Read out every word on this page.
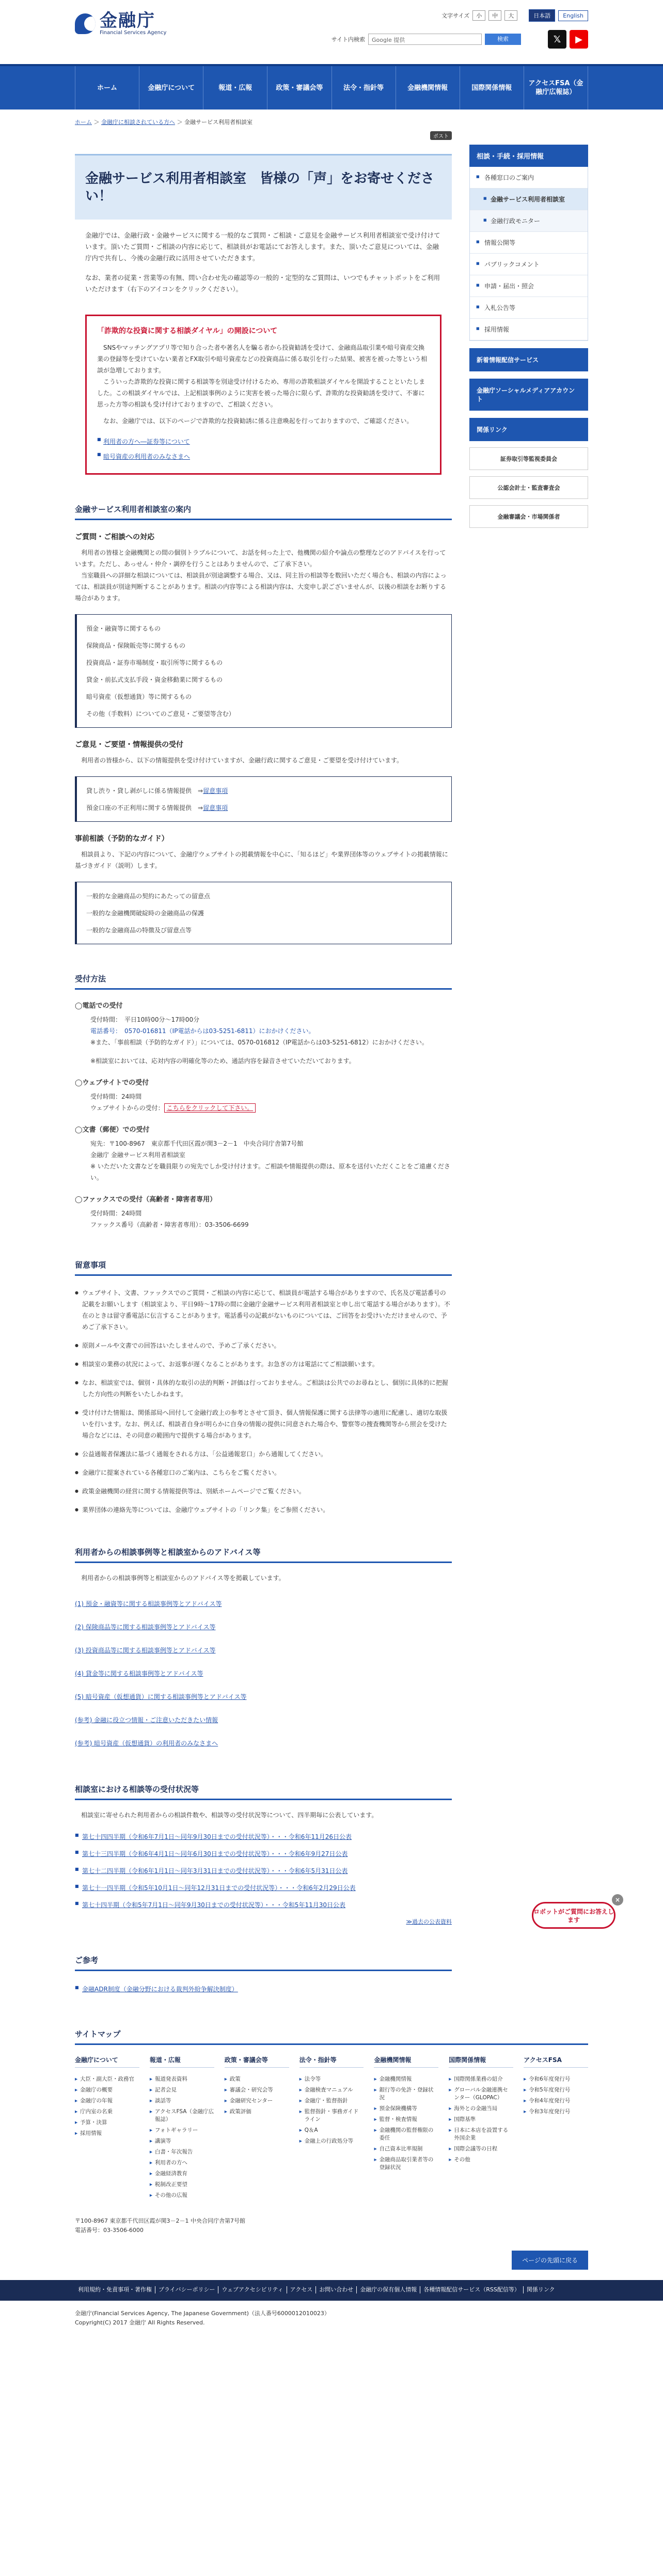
金融庁
Financial Services Agency
文字サイズ	小	中	大	日本語	English
サイト内検索	Google 提供	検索	𝕏	▶
ホーム	金融庁について	報道・広報	政策・審議会等	法令・指針等	金融機関情報	国際関係情報
アクセスFSA（金融庁広報誌）
ホーム ＞ 金融庁に相談されている方へ ＞ 金融サービス利用者相談室
ポスト
金融サービス利用者相談室　皆様の「声」をお寄せください！

金融庁では、金融行政・金融サービスに関する一般的なご質問・ご相談・ご意見を金融サービス利用者相談室で受け付けています。頂いたご質問・ご相談の内容に応じて、相談員がお電話にてお答えします。また、頂いたご意見については、金融庁内で共有し、今後の金融行政に活用させていただきます。

なお、業者の従業・営業等の有無、問い合わせ先の確認等の一般的・定型的なご質問は、いつでもチャットボットをご利用いただけます（右下のアイコンをクリックください）。

「詐欺的な投資に関する相談ダイヤル」の開設について

SNSやマッチングアプリ等で知り合った者や著名人を騙る者から投資勧誘を受けて、金融商品取引業や暗号資産交換業の登録等を受けていない業者とFX取引や暗号資産などの投資商品に係る取引を行った結果、被害を被った等という相談が急増しております。

こういった詐欺的な投資に関する相談等を別途受け付けるため、専用の詐欺相談ダイヤルを開設することといたしました。この相談ダイヤルでは、上記相談事例のように実害を被った場合に限らず、詐欺的な投資勧誘を受けて、不審に思った方等の相談も受け付けておりますので、ご相談ください。

なお、金融庁では、以下のページで詐欺的な投資勧誘に係る注意喚起を行っておりますので、ご確認ください。

■ 利用者の方へ―証券等について
■ 暗号資産の利用者のみなさまへ
金融サービス利用者相談室の案内
ご質問・ご相談への対応

利用者の皆様と金融機関との間の個別トラブルについて、お話を伺った上で、他機関の紹介や論点の整理などのアドバイスを行っています。ただし、あっせん・仲介・調停を行うことはありませんので、ご了承下さい。

当室職員への詳細な相談については、相談員が別途調整する場合、又は、同主旨の相談等を数回いただく場合も、相談の内容によっては、相談員が別途判断することがあります。相談の内容等による相談内容は、大変申し訳ございませんが、以後の相談をお断りする場合があります。

預金・融資等に関するもの
保険商品・保険販売等に関するもの
投資商品・証券市場制度・取引所等に関するもの
貸金・前払式支払手段・資金移動業に関するもの
暗号資産（仮想通貨）等に関するもの
その他（手数料）についてのご意見・ご要望等含む）
ご意見・ご要望・情報提供の受付

利用者の皆様から、以下の情報提供を受け付けていますが、金融行政に関するご意見・ご要望を受け付けています。

貸し渋り・貸し剥がしに係る情報提供　⇒留意事項
預金口座の不正利用に関する情報提供　⇒留意事項
事前相談（予防的なガイド）

相談員より、下記の内容について、金融庁ウェブサイトの掲載情報を中心に、「知るほど」や業界団体等のウェブサイトの掲載情報に基づきガイド（説明）します。

一般的な金融商品の契約にあたっての留意点
一般的な金融機関破綻時の金融商品の保護
一般的な金融商品の特徴及び留意点等
受付方法
◯電話での受付

受付時間：　平日10時00分～17時00分

電話番号：　0570-016811（IP電話からは03-5251-6811）におかけください。

※また、「事前相談（予防的なガイド）」については、0570-016812（IP電話からは03-5251-6812）におかけください。

※相談室においては、応対内容の明確化等のため、通話内容を録音させていただいております。

◯ウェブサイトでの受付

受付時間：24時間

ウェブサイトからの受付： こちらをクリックして下さい。

◯文書（郵便）での受付

宛先：〒100-8967　東京都千代田区霞が関3－2－1　中央合同庁舎第7号館

金融庁 金融サービス利用者相談室

※ いただいた文書などを職員限りの宛先でしか受け付けます。ご相談や情報提供の際は、原本を送付いただくことをご遠慮ください。

◯ファックスでの受付（高齢者・障害者専用）

受付時間：24時間

ファックス番号（高齢者・障害者専用）：03-3506-6699

留意事項
● ウェブサイト、文書、ファックスでのご質問・ご相談の内容に応じて、相談員が電話する場合がありますので、氏名及び電話番号の記載をお願いします（相談室より、平日9時～17時の間に金融庁金融サービス利用者相談室と申し出て電話する場合があります）。不在のときは留守番電話に伝言することがあります。電話番号の記載がないものについては、ご回答をお受けいただけませんので、予めご了承下さい。
● 原則メールや文書での回答はいたしませんので、予めご了承ください。
● 相談室の業務の状況によって、お返事が遅くなることがあります。お急ぎの方は電話にてご相談願います。
● なお、相談室では、個別・具体的な取引の法的判断・評価は行っておりません。ご相談は公共でのお尋ねとし、個別に具体的に把握した方向性の判断をいたしかねます。
● 受け付けた情報は、関係部局へ回付して金融行政上の参考とさせて頂き、個人情報保護に関する法律等の適用に配慮し、適切な取扱いを行います。なお、例えば、相談者自身が明らかに自身の情報の提供に同意された場合や、警察等の捜査機関等から照会を受けた場合などには、その同意の範囲内で提供する場合があります。
● 公益通報者保護法に基づく通報をされる方は、「公益通報窓口」から通報してください。
● 金融庁に提案されている各種窓口のご案内は、こちらをご覧ください。
● 政策金融機関の経営に関する情報提供等は、別紙ホームページでご覧ください。
● 業界団体の連絡先等については、金融庁ウェブサイトの「リンク集」をご参照ください。
利用者からの相談事例等と相談室からのアドバイス等

利用者からの相談事例等と相談室からのアドバイス等を掲載しています。

(1) 預金・融資等に関する相談事例等とアドバイス等
(2) 保険商品等に関する相談事例等とアドバイス等
(3) 投資商品等に関する相談事例等とアドバイス等
(4) 貸金等に関する相談事例等とアドバイス等
(5) 暗号資産（仮想通貨）に関する相談事例等とアドバイス等
(参考) 金融に役立つ情報・ご注意いただきたい情報
(参考) 暗号資産（仮想通貨）の利用者のみなさまへ
相談室における相談等の受付状況等

相談室に寄せられた利用者からの相談件数や、相談等の受付状況等について、四半期毎に公表しています。

■ 第七十四四半期（令和6年7月1日～同年9月30日までの受付状況等）・・・令和6年11月26日公表
■ 第七十三四半期（令和6年4月1日～同年6月30日までの受付状況等）・・・令和6年9月27日公表
■ 第七十二四半期（令和6年1月1日～同年3月31日までの受付状況等）・・・令和6年5月31日公表
■ 第七十一四半期（令和5年10月1日～同年12月31日までの受付状況等）・・・令和6年2月29日公表
■ 第七十四半期（令和5年7月1日～同年9月30日までの受付状況等）・・・令和5年11月30日公表
≫過去の公表資料
ご参考
■ 金融ADR制度（金融分野における裁判外紛争解決制度）
相談・手続・採用情報
■ 各種窓口のご案内
■ 金融サービス利用者相談室
■ 金融行政モニター
■ 情報公開等
■ パブリックコメント
■ 申請・届出・照会
■ 入札公告等
■ 採用情報
新着情報配信サービス
金融庁ソーシャルメディアアカウント
関係リンク
証券取引等監視委員会
公認会計士・監査審査会
金融審議会・市場関係者
ロボットがご質問にお答えします
×
サイトマップ
金融庁について
▸ 大臣・副大臣・政務官
▸ 金融庁の概要
▸ 金融庁の年報
▸ 庁内室の名乗
▸ 予算・決算
▸ 採用情報
報道・広報
▸ 報道発表資料
▸ 記者会見
▸ 談話等
▸ アクセスFSA（金融庁広報誌）
▸ フォトギャラリー
▸ 講演等
▸ 白書・年次報告
▸ 利用者の方へ
▸ 金融経済教育
▸ 税制改正要望
▸ その他の広報
政策・審議会等
▸ 政策
▸ 審議会・研究会等
▸ 金融研究センター
▸ 政策評価
法令・指針等
▸ 法令等
▸ 金融検査マニュアル
▸ 金融庁・監督指針
▸ 監督指針・事務ガイドライン
▸ Q＆A
▸ 金融上の行政処分等
金融機関情報
▸ 金融機関情報
▸ 銀行等の免許・登録状況
▸ 預金保険機構等
▸ 監督・検査情報
▸ 金融機関の監督権限の委任
▸ 自己資本比率規制
▸ 金融商品取引業者等の登録状況
国際関係情報
▸ 国際関係業務の紹介
▸ グローバル金融連携センター（GLOPAC）
▸ 海外との金融当局
▸ 国際基準
▸ 日本に本店を設置する外国企業
▸ 国際会議等の日程
▸ その他
アクセスFSA
▸ 令和6年度発行号
▸ 令和5年度発行号
▸ 令和4年度発行号
▸ 令和3年度発行号
〒100-8967 東京都千代田区霞が関3－2－1 中央合同庁舎第7号館
電話番号：03-3506-6000
ページの先頭に戻る
利用規約・免責事項・著作権	プライバシーポリシー	ウェブアクセシビリティ	アクセス	お問い合わせ	金融庁の保有個人情報	各種情報配信サービス（RSS配信等）	関係リンク
金融庁(Financial Services Agency, The Japanese Government)（法人番号6000012010023）
Copyright(C) 2017 金融庁 All Rights Reserved.
